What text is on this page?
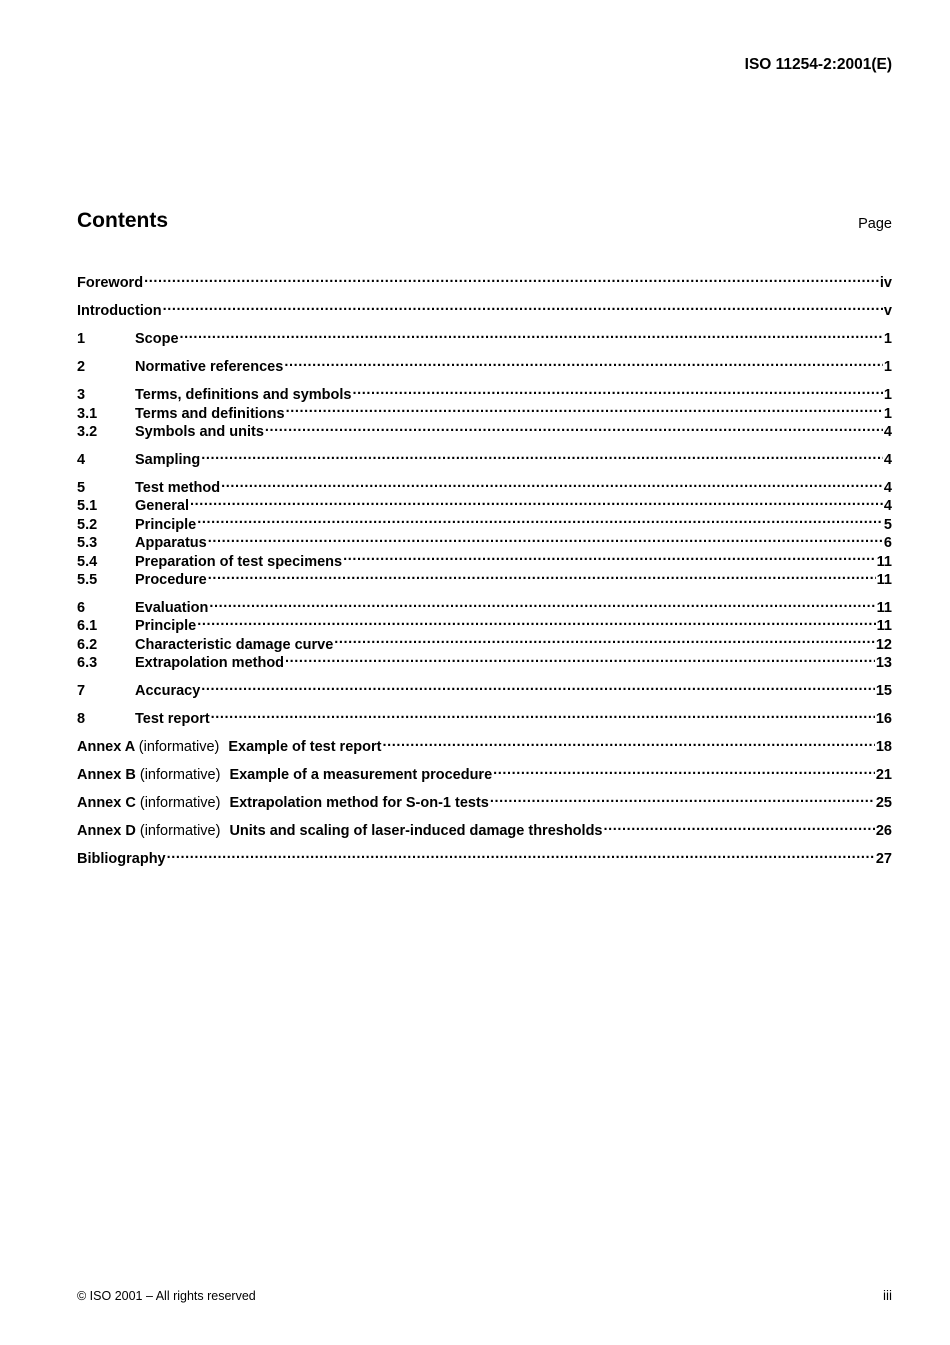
ISO 11254-2:2001(E)
Contents	Page
Foreword .....	iv
Introduction .....	v
1	Scope .....	1
2	Normative references .....	1
3	Terms, definitions and symbols .....	1
3.1	Terms and definitions .....	1
3.2	Symbols and units .....	4
4	Sampling .....	4
5	Test method .....	4
5.1	General .....	4
5.2	Principle .....	5
5.3	Apparatus .....	6
5.4	Preparation of test specimens .....	11
5.5	Procedure .....	11
6	Evaluation .....	11
6.1	Principle .....	11
6.2	Characteristic damage curve .....	12
6.3	Extrapolation method .....	13
7	Accuracy .....	15
8	Test report .....	16
Annex A (informative) Example of test report .....	18
Annex B (informative) Example of a measurement procedure .....	21
Annex C (informative) Extrapolation method for S-on-1 tests .....	25
Annex D (informative) Units and scaling of laser-induced damage thresholds .....	26
Bibliography .....	27
© ISO 2001 – All rights reserved	iii
